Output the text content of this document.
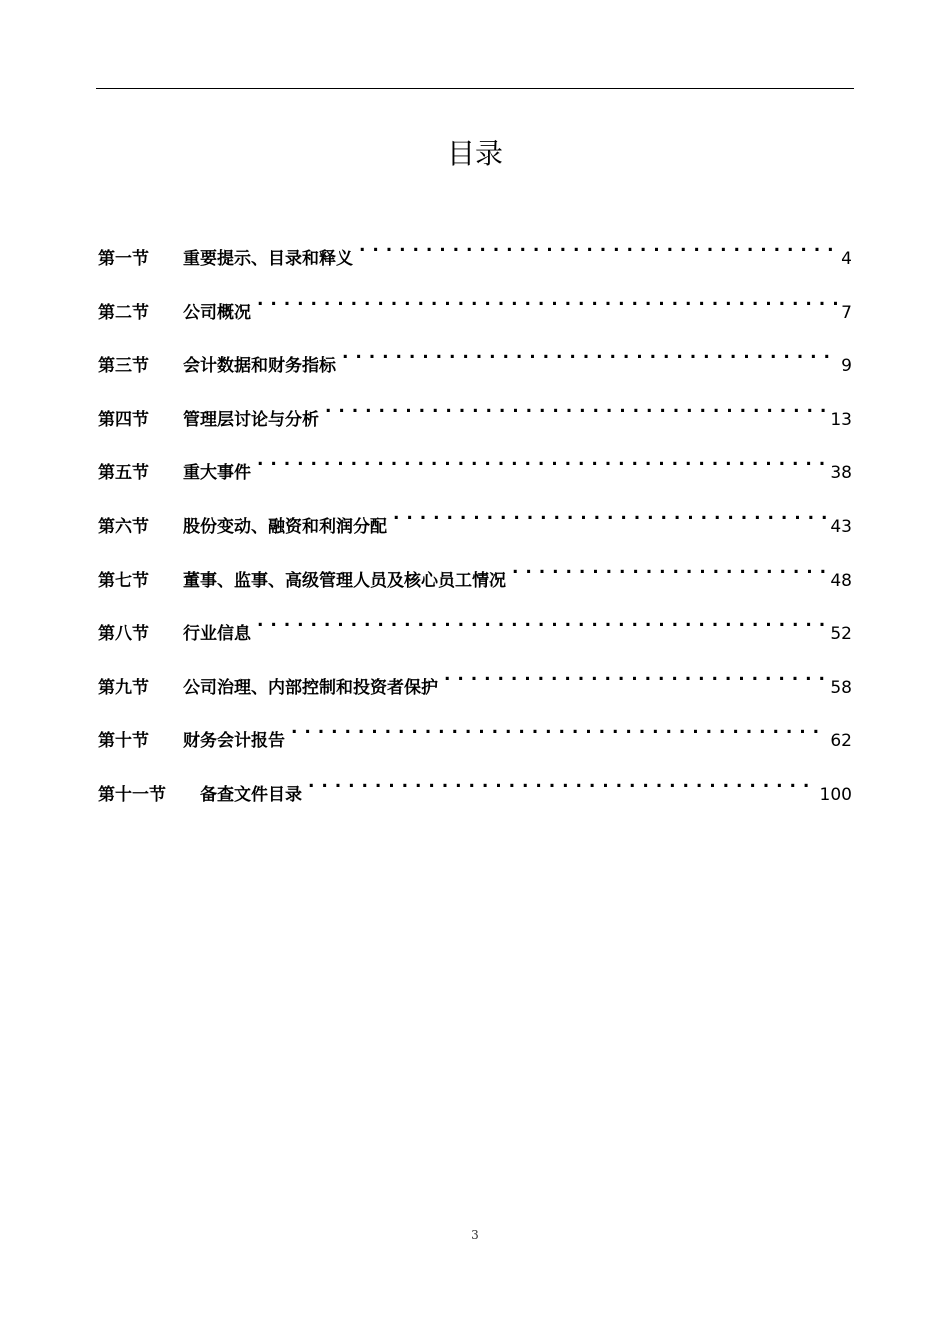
目录
第一节	重要提示、目录和释义 . . .	4
第二节	公司概况 . . .	7
第三节	会计数据和财务指标 . . .	9
第四节	管理层讨论与分析 . . .	13
第五节	重大事件 . . .	38
第六节	股份变动、融资和利润分配 . . .	43
第七节	董事、监事、高级管理人员及核心员工情况 . . .	48
第八节	行业信息 . . .	52
第九节	公司治理、内部控制和投资者保护 . . .	58
第十节	财务会计报告 . . .	62
第十一节	备查文件目录 . . .	100
3
